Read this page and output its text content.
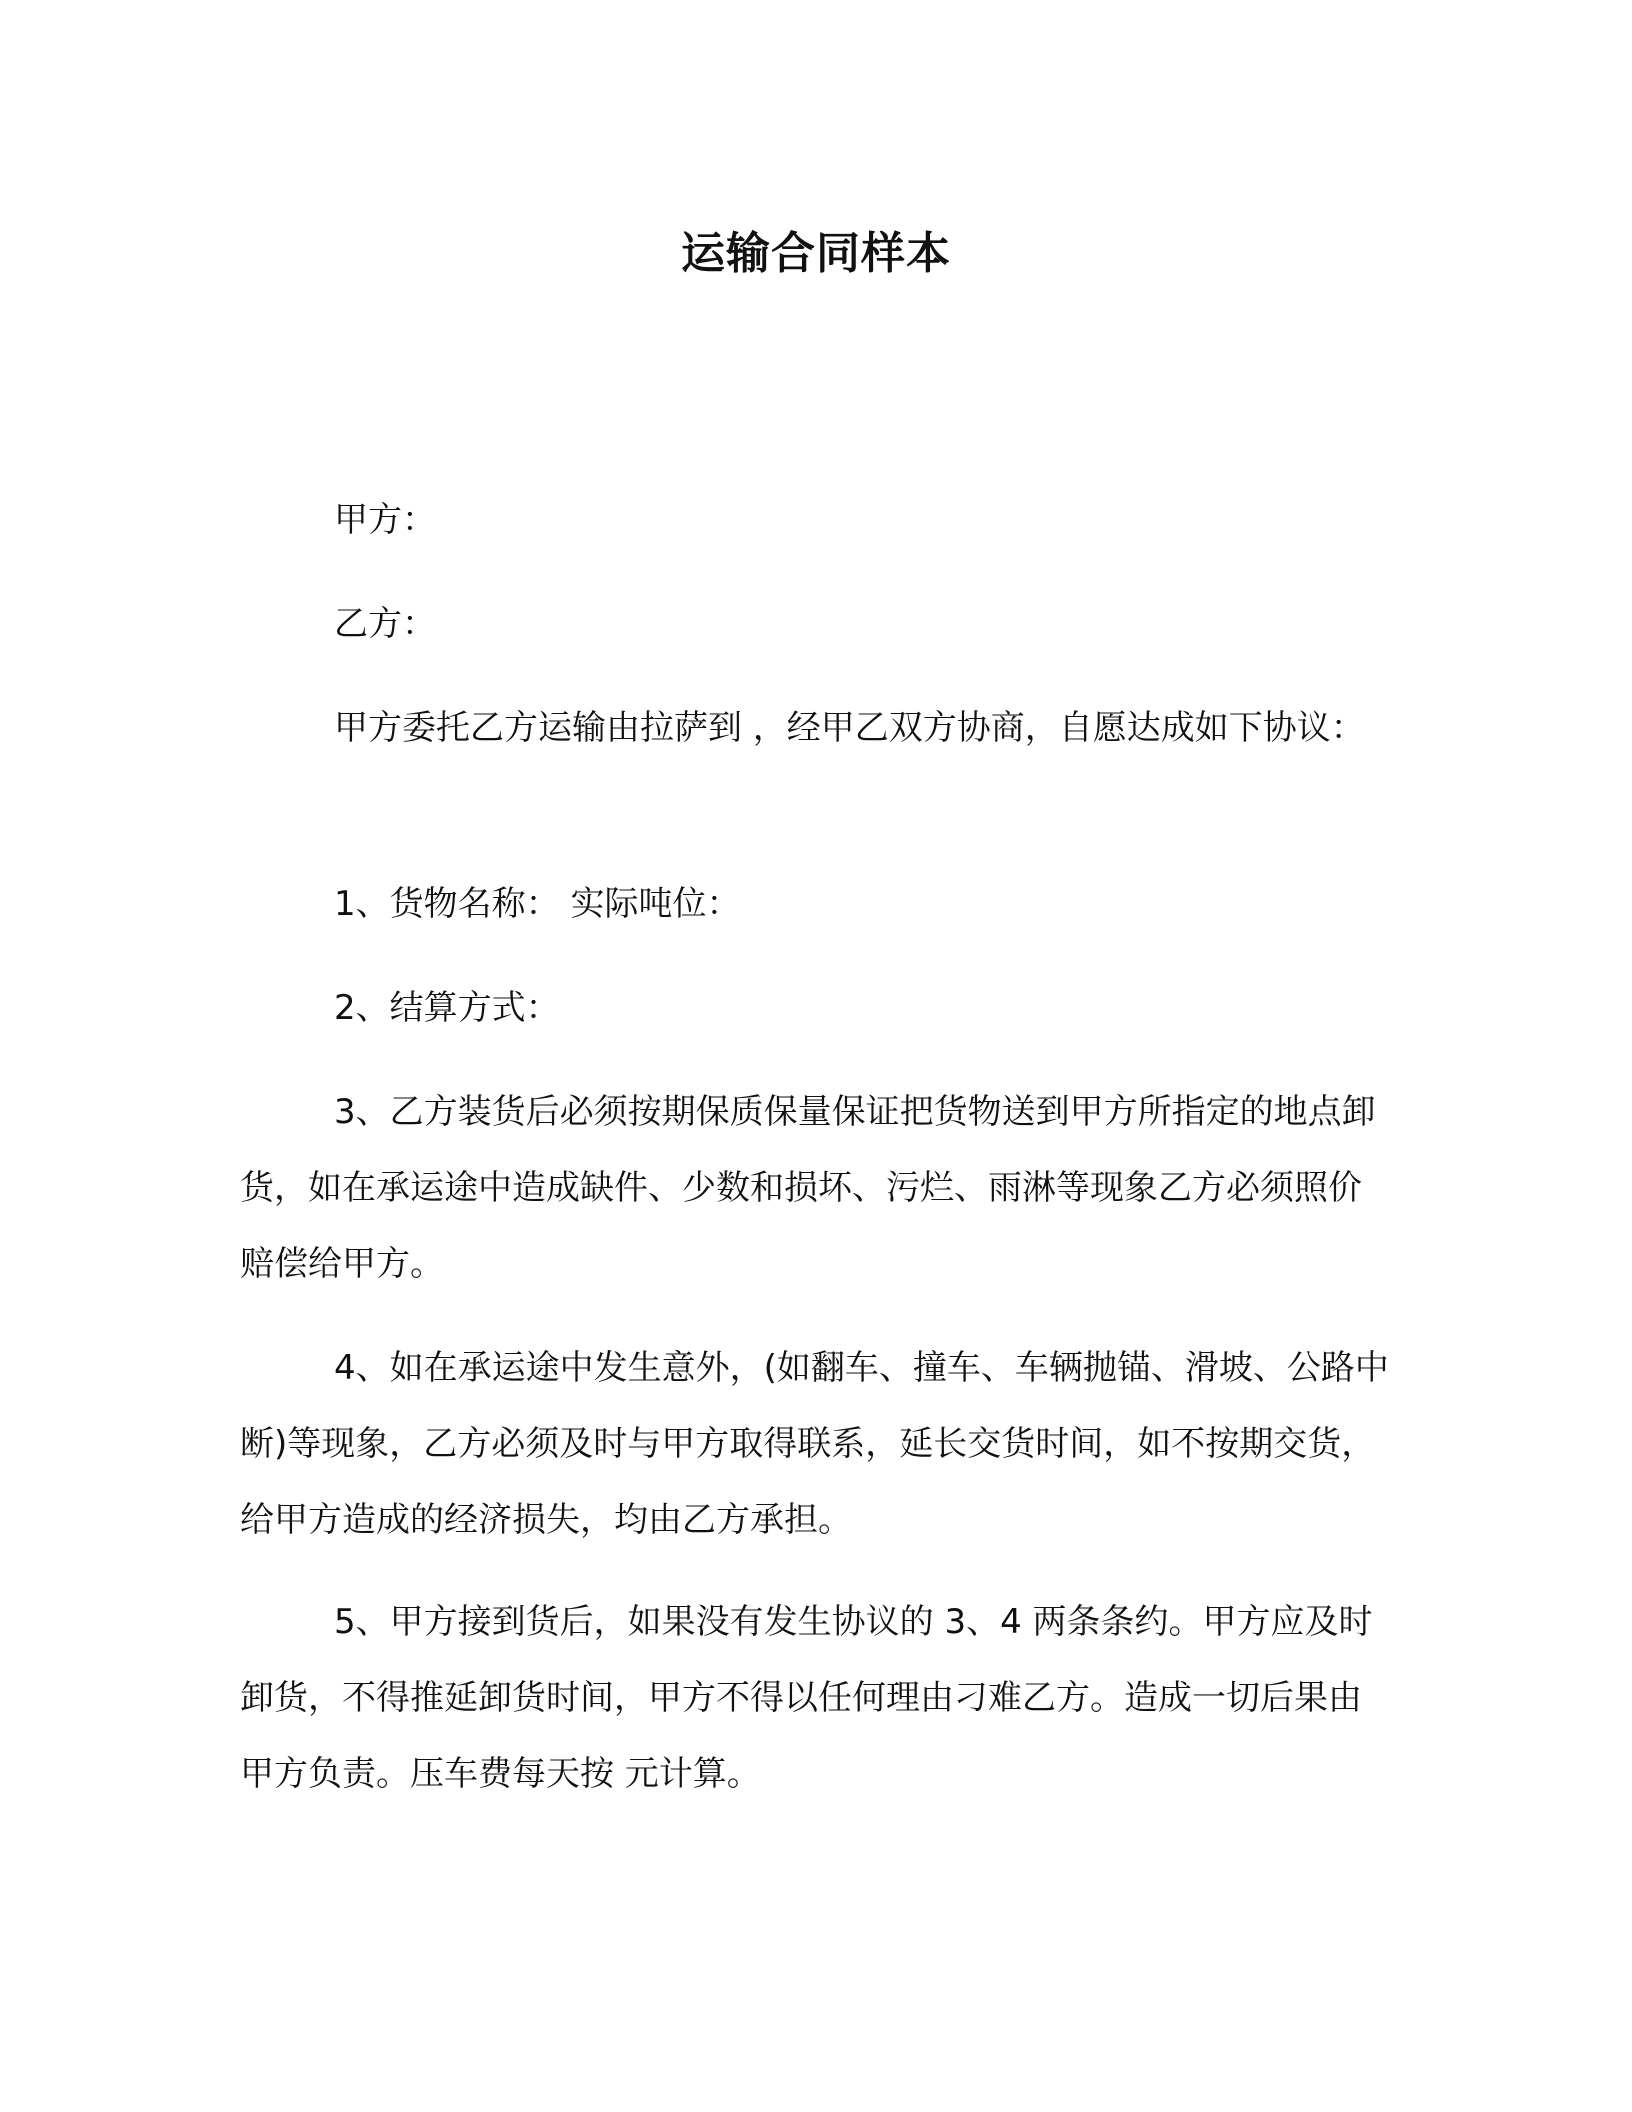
运输合同样本

甲方：

乙方：

甲方委托乙方运输由拉萨到 ，经甲乙双方协商，自愿达成如下协议：

1、货物名称： 实际吨位：

2、结算方式：

3、乙方装货后必须按期保质保量保证把货物送到甲方所指定的地点卸货，如在承运途中造成缺件、少数和损坏、污烂、雨淋等现象乙方必须照价赔偿给甲方。

4、如在承运途中发生意外，(如翻车、撞车、车辆抛锚、滑坡、公路中断)等现象，乙方必须及时与甲方取得联系，延长交货时间，如不按期交货，给甲方造成的经济损失，均由乙方承担。

5、甲方接到货后，如果没有发生协议的 3、4 两条条约。甲方应及时卸货，不得推延卸货时间，甲方不得以任何理由刁难乙方。造成一切后果由甲方负责。压车费每天按 元计算。
